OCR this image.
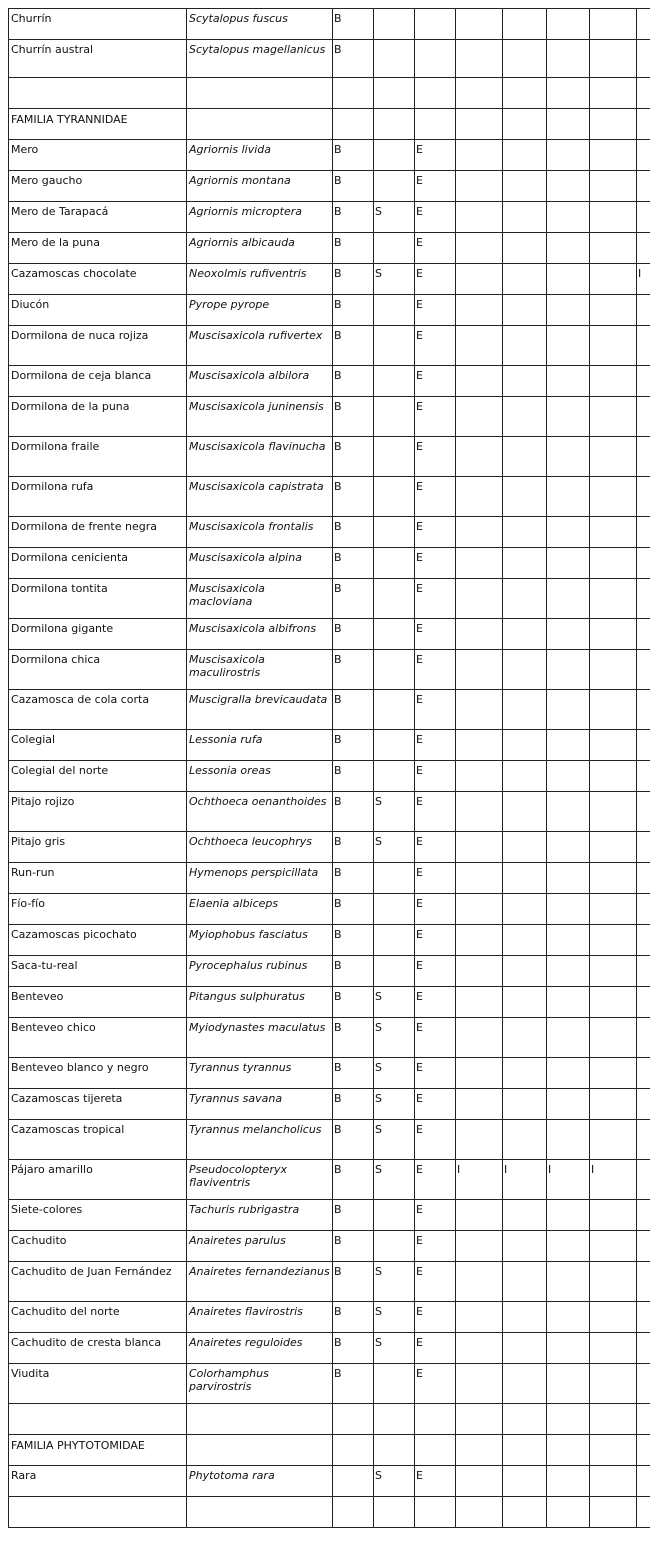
Churrín	Scytalopus fuscus	B							
Churrín austral	Scytalopus magellanicus	B							

FAMILIA TYRANNIDAE									
Mero	Agriornis livida	B		E					
Mero gaucho	Agriornis montana	B		E					
Mero de Tarapacá	Agriornis micropterа	B	S	E					
Mero de la puna	Agriornis albicauda	B		E					
Cazamoscas chocolate	Neoxolmis rufiventris	B	S	E					I
Diucón	Pyrope pyrope	B		E					
Dormilona de nuca rojiza	Muscisaxicola rufivertex	B		E					
Dormilona de ceja blanca	Muscisaxicola albilora	B		E					
Dormilona de la puna	Muscisaxicola juninensis	B		E					
Dormilona fraile	Muscisaxicola flavinucha	B		E					
Dormilona rufa	Muscisaxicola capistrata	B		E					
Dormilona de frente negra	Muscisaxicola frontalis	B		E					
Dormilona cenicienta	Muscisaxicola alpina	B		E					
Dormilona tontita	Muscisaxicola macloviana	B		E					
Dormilona gigante	Muscisaxicola albifrons	B		E					
Dormilona chica	Muscisaxicola maculirostris	B		E					
Cazamosca de cola corta	Muscigralla brevicaudata	B		E					
Colegial	Lessonia rufa	B		E					
Colegial del norte	Lessonia oreas	B		E					
Pitajo rojizo	Ochthoeca oenanthoides	B	S	E					
Pitajo gris	Ochthoeca leucophrys	B	S	E					
Run-run	Hymenops perspicillata	B		E					
Fío-fío	Elaenia albiceps	B		E					
Cazamoscas picochato	Myiophobus fasciatus	B		E					
Saca-tu-real	Pyrocephalus rubinus	B		E					
Benteveo	Pitangus sulphuratus	B	S	E					
Benteveo chico	Myiodynastes maculatus	B	S	E					
Benteveo blanco y negro	Tyrannus tyrannus	B	S	E					
Cazamoscas tijereta	Tyrannus savana	B	S	E					
Cazamoscas tropical	Tyrannus melancholicus	B	S	E					
Pájaro amarillo	Pseudocolopteryx flaviventris	B	S	E	I	I	I	I	
Siete-colores	Tachuris rubrigastra	B		E					
Cachudito	Anairetes parulus	B		E					
Cachudito de Juan Fernández	Anairetes fernandezianus	B	S	E					
Cachudito del norte	Anairetes flavirostris	B	S	E					
Cachudito de cresta blanca	Anairetes reguloides	B	S	E					
Viudita	Colorhamphus parvirostris	B		E					

FAMILIA PHYTOTOMIDAE									
Rara	Phytotoma rara		S	E					
